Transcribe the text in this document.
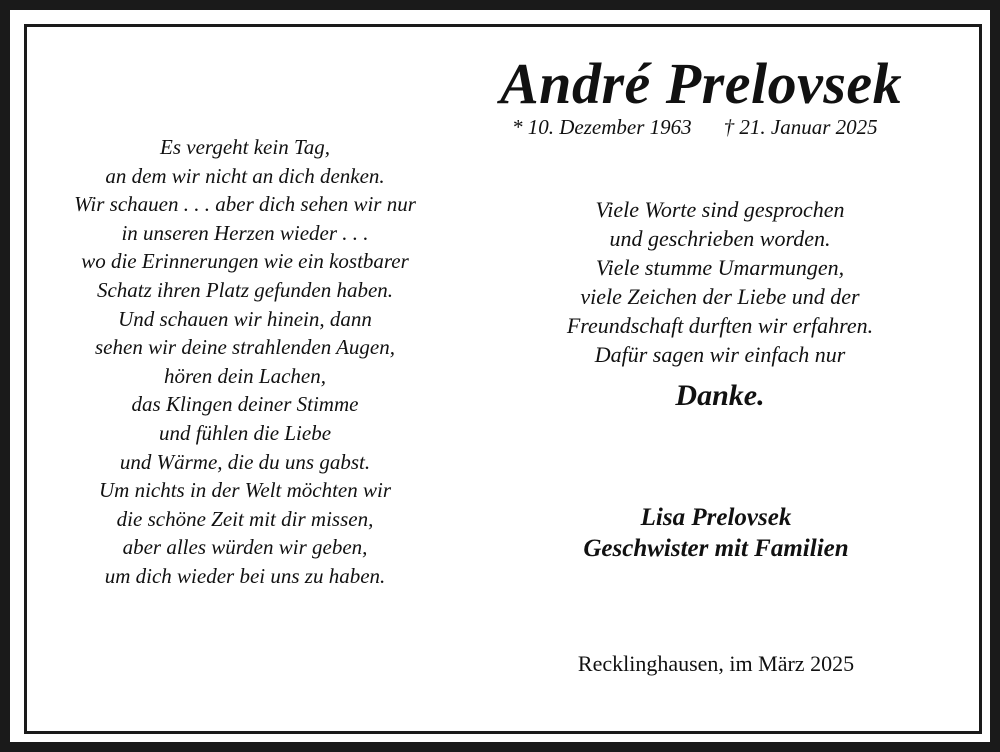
André Prelovsek
* 10. Dezember 1963 † 21. Januar 2025
Es vergeht kein Tag,
an dem wir nicht an dich denken.
Wir schauen . . . aber dich sehen wir nur
in unseren Herzen wieder . . .
wo die Erinnerungen wie ein kostbarer
Schatz ihren Platz gefunden haben.
Und schauen wir hinein, dann
sehen wir deine strahlenden Augen,
hören dein Lachen,
das Klingen deiner Stimme
und fühlen die Liebe
und Wärme, die du uns gabst.
Um nichts in der Welt möchten wir
die schöne Zeit mit dir missen,
aber alles würden wir geben,
um dich wieder bei uns zu haben.
Viele Worte sind gesprochen
und geschrieben worden.
Viele stumme Umarmungen,
viele Zeichen der Liebe und der
Freundschaft durften wir erfahren.
Dafür sagen wir einfach nur
Danke.
Lisa Prelovsek
Geschwister mit Familien
Recklinghausen, im März 2025
